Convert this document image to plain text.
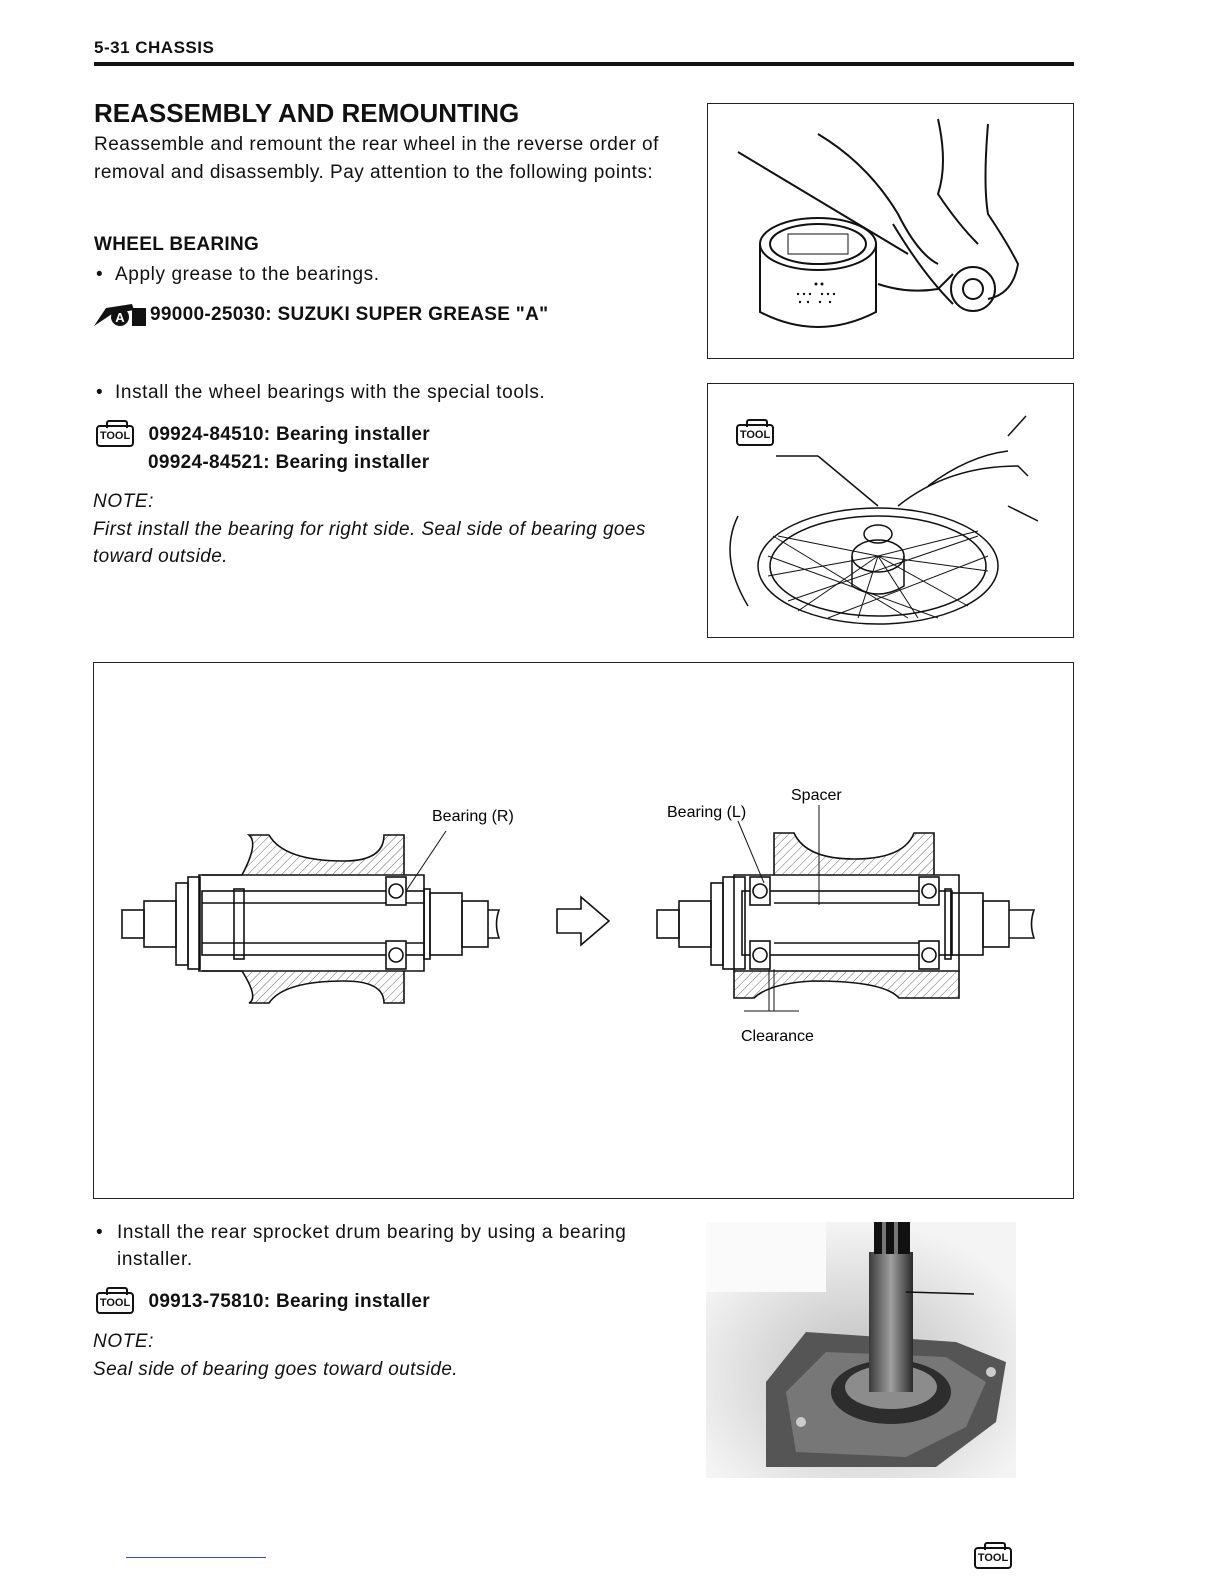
5-31 CHASSIS
REASSEMBLY AND REMOUNTING

Reassemble and remount the rear wheel in the reverse order of removal and disassembly. Pay attention to the following points:

WHEEL BEARING
• Apply grease to the bearings.
A 99000-25030: SUZUKI SUPER GREASE "A"
• Install the wheel bearings with the special tools.
TOOL 09924-84510: Bearing installer
09924-84521: Bearing installer
NOTE:
First install the bearing for right side. Seal side of bearing goes toward outside.
TOOL
Bearing (R)	Bearing (L)
Spacer
Clearance
• Install the rear sprocket drum bearing by using a bearing installer.
TOOL 09913-75810: Bearing installer
NOTE:
Seal side of bearing goes toward outside.
TOOL
